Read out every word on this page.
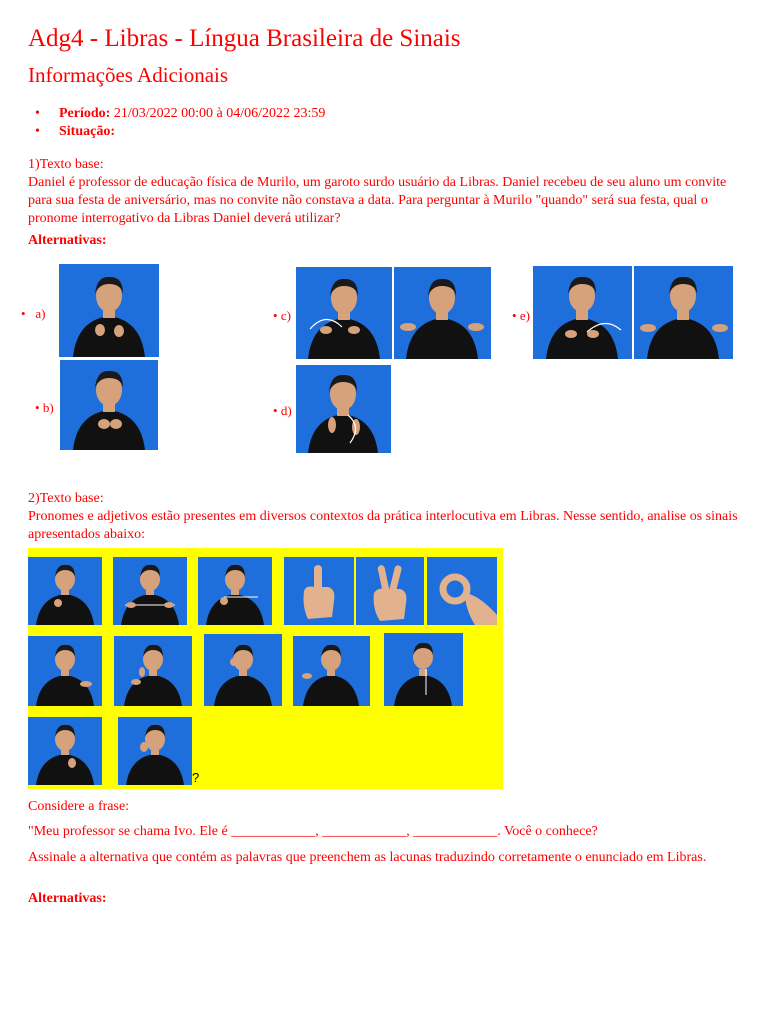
Adg4 - Libras - Língua Brasileira de Sinais
Informações Adicionais
• Período: 21/03/2022 00:00 à 04/06/2022 23:59
• Situação:
1)Texto base:
Daniel é professor de educação física de Murilo, um garoto surdo usuário da Libras. Daniel recebeu de seu aluno um convite para sua festa de aniversário, mas no convite não constava a data. Para perguntar à Murilo "quando" será sua festa, qual o pronome interrogativo da Libras Daniel deverá utilizar?
Alternativas:
• a)
• b)
• c)
• d)
• e)
2)Texto base:
Pronomes e adjetivos estão presentes em diversos contextos da prática interlocutiva em Libras. Nesse sentido, analise os sinais apresentados abaixo:
?
Considere a frase:
"Meu professor se chama Ivo. Ele é ____________, ____________, ____________. Você o conhece?
Assinale a alternativa que contém as palavras que preenchem as lacunas traduzindo corretamente o enunciado em Libras.
Alternativas:
